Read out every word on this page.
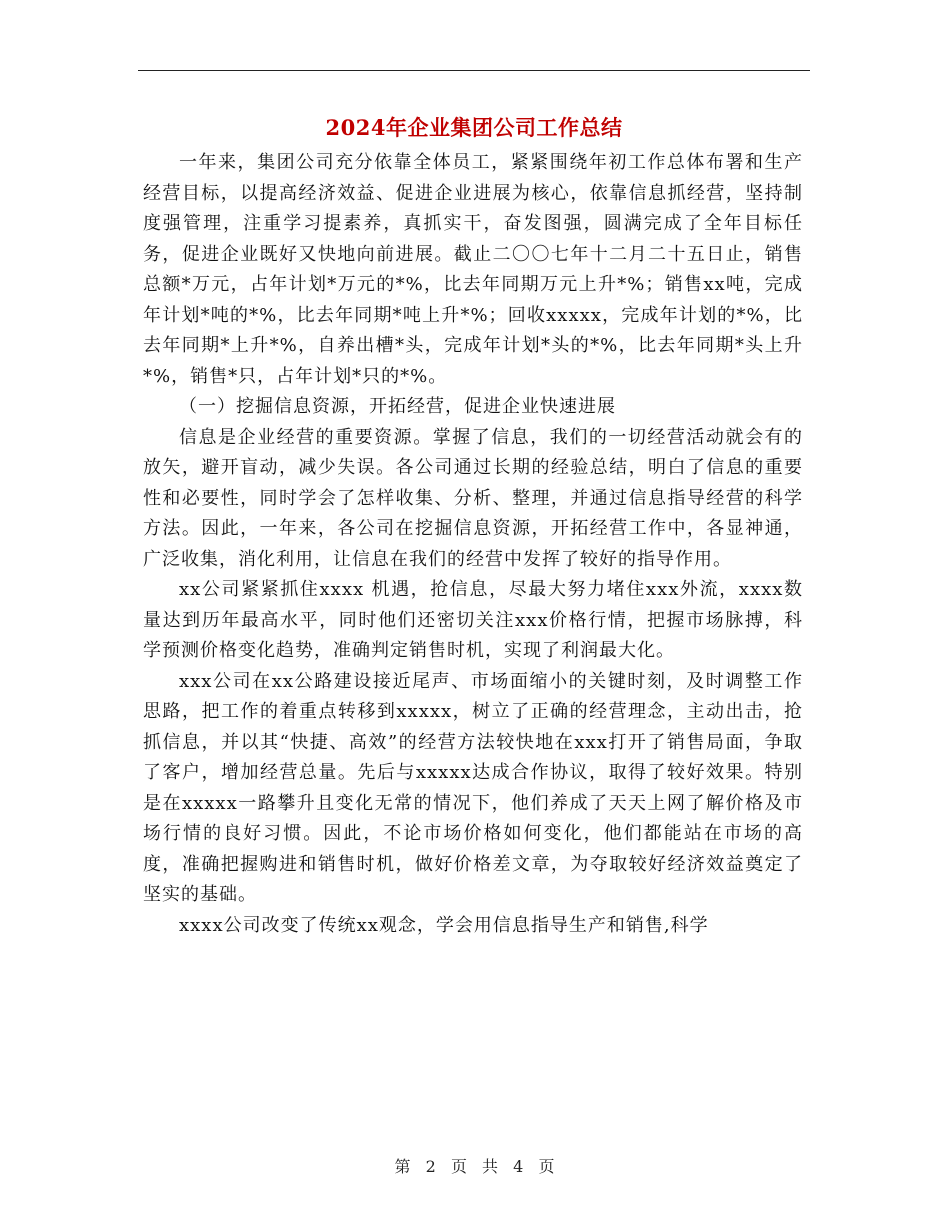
2024年企业集团公司工作总结

一年来，集团公司充分依靠全体员工，紧紧围绕年初工作总体布署和生产经营目标，以提高经济效益、促进企业进展为核心，依靠信息抓经营，坚持制度强管理，注重学习提素养，真抓实干，奋发图强，圆满完成了全年目标任务，促进企业既好又快地向前进展。截止二〇〇七年十二月二十五日止，销售总额*万元，占年计划*万元的*%，比去年同期万元上升*%；销售xx吨，完成年计划*吨的*%，比去年同期*吨上升*%；回收xxxxx，完成年计划的*%，比去年同期*上升*%，自养出槽*头，完成年计划*头的*%，比去年同期*头上升*%，销售*只，占年计划*只的*%。

（一）挖掘信息资源，开拓经营，促进企业快速进展

信息是企业经营的重要资源。掌握了信息，我们的一切经营活动就会有的放矢，避开盲动，减少失误。各公司通过长期的经验总结，明白了信息的重要性和必要性，同时学会了怎样收集、分析、整理，并通过信息指导经营的科学方法。因此，一年来，各公司在挖掘信息资源，开拓经营工作中，各显神通，广泛收集，消化利用，让信息在我们的经营中发挥了较好的指导作用。

xx公司紧紧抓住xxxx 机遇，抢信息，尽最大努力堵住xxx外流，xxxx数量达到历年最高水平，同时他们还密切关注xxx价格行情，把握市场脉搏，科学预测价格变化趋势，准确判定销售时机，实现了利润最大化。

xxx公司在xx公路建设接近尾声、市场面缩小的关键时刻，及时调整工作思路，把工作的着重点转移到xxxxx，树立了正确的经营理念，主动出击，抢抓信息，并以其“快捷、高效”的经营方法较快地在xxx打开了销售局面，争取了客户，增加经营总量。先后与xxxxx达成合作协议，取得了较好效果。特别是在xxxxx一路攀升且变化无常的情况下，他们养成了天天上网了解价格及市场行情的良好习惯。因此，不论市场价格如何变化，他们都能站在市场的高度，准确把握购进和销售时机，做好价格差文章，为夺取较好经济效益奠定了坚实的基础。

xxxx公司改变了传统xx观念，学会用信息指导生产和销售,科学

第 2 页 共 4 页
